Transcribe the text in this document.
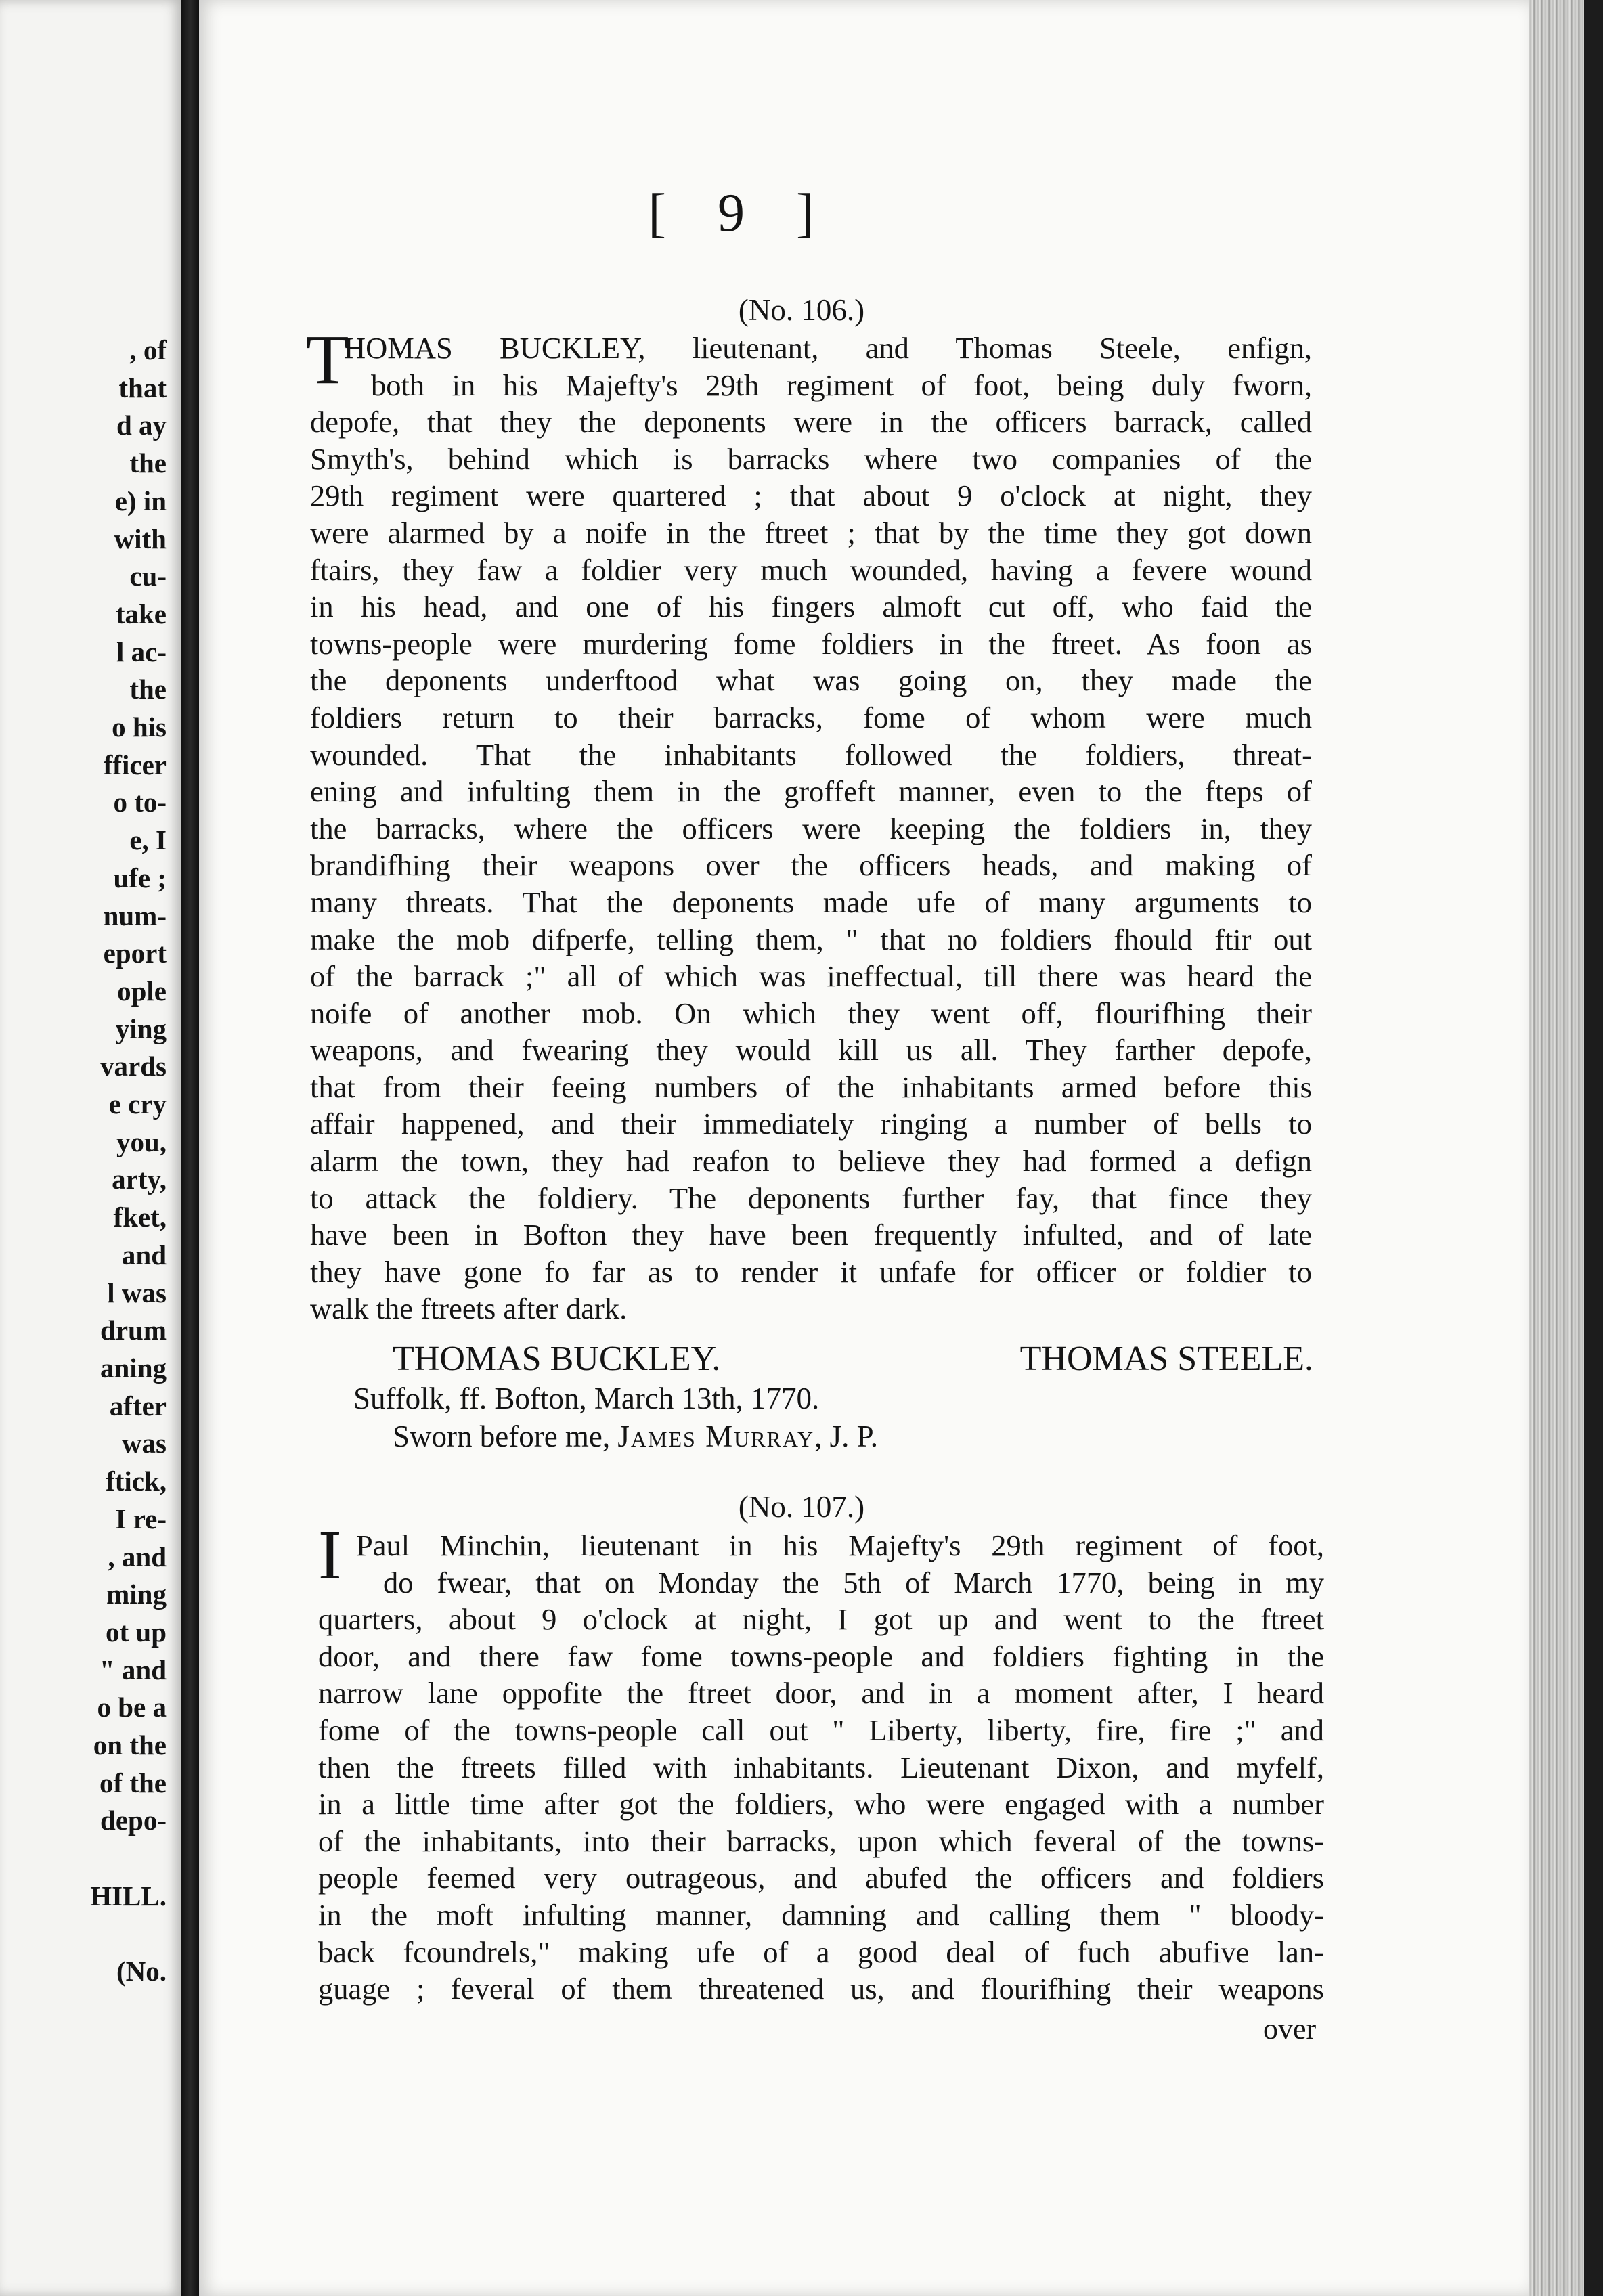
, of
that
d ay
the
e) in
with
cu-
take
l ac-
the
o his
fficer
o to-
e, I
ufe ;
num-
eport
ople
ying
vards
e cry
you,
arty,
fket,
and
l was
drum
aning
after
was
ftick,
I re-
, and
ming
ot up
" and
o be a
on the
of the
depo-

HILL.

(No.
[ 9 ]
(No. 106.)
T
HOMAS BUCKLEY, lieutenant, and Thomas Steele, enfign,
both in his Majefty's 29th regiment of foot, being duly fworn,
depofe, that they the deponents were in the officers barrack, called
Smyth's, behind which is barracks where two companies of the
29th regiment were quartered ; that about 9 o'clock at night, they
were alarmed by a noife in the ftreet ; that by the time they got down
ftairs, they faw a foldier very much wounded, having a fevere wound
in his head, and one of his fingers almoft cut off, who faid the
towns-people were murdering fome foldiers in the ftreet. As foon as
the deponents underftood what was going on, they made the
foldiers return to their barracks, fome of whom were much
wounded. That the inhabitants followed the foldiers, threat-
ening and infulting them in the groffeft manner, even to the fteps of
the barracks, where the officers were keeping the foldiers in, they
brandifhing their weapons over the officers heads, and making of
many threats. That the deponents made ufe of many arguments to
make the mob difperfe, telling them, " that no foldiers fhould ftir out
of the barrack ;" all of which was ineffectual, till there was heard the
noife of another mob. On which they went off, flourifhing their
weapons, and fwearing they would kill us all. They farther depofe,
that from their feeing numbers of the inhabitants armed before this
affair happened, and their immediately ringing a number of bells to
alarm the town, they had reafon to believe they had formed a defign
to attack the foldiery. The deponents further fay, that fince they
have been in Bofton they have been frequently infulted, and of late
they have gone fo far as to render it unfafe for officer or foldier to
walk the ftreets after dark.
THOMAS BUCKLEY.	THOMAS STEELE.
Suffolk, ff. Bofton, March 13th, 1770.
Sworn before me, James Murray, J. P.
(No. 107.)
I Paul Minchin, lieutenant in his Majefty's 29th regiment of foot,
do fwear, that on Monday the 5th of March 1770, being in my
quarters, about 9 o'clock at night, I got up and went to the ftreet
door, and there faw fome towns-people and foldiers fighting in the
narrow lane oppofite the ftreet door, and in a moment after, I heard
fome of the towns-people call out " Liberty, liberty, fire, fire ;" and
then the ftreets filled with inhabitants. Lieutenant Dixon, and myfelf,
in a little time after got the foldiers, who were engaged with a number
of the inhabitants, into their barracks, upon which feveral of the towns-
people feemed very outrageous, and abufed the officers and foldiers
in the moft infulting manner, damning and calling them " bloody-
back fcoundrels," making ufe of a good deal of fuch abufive lan-
guage ; feveral of them threatened us, and flourifhing their weapons
over
